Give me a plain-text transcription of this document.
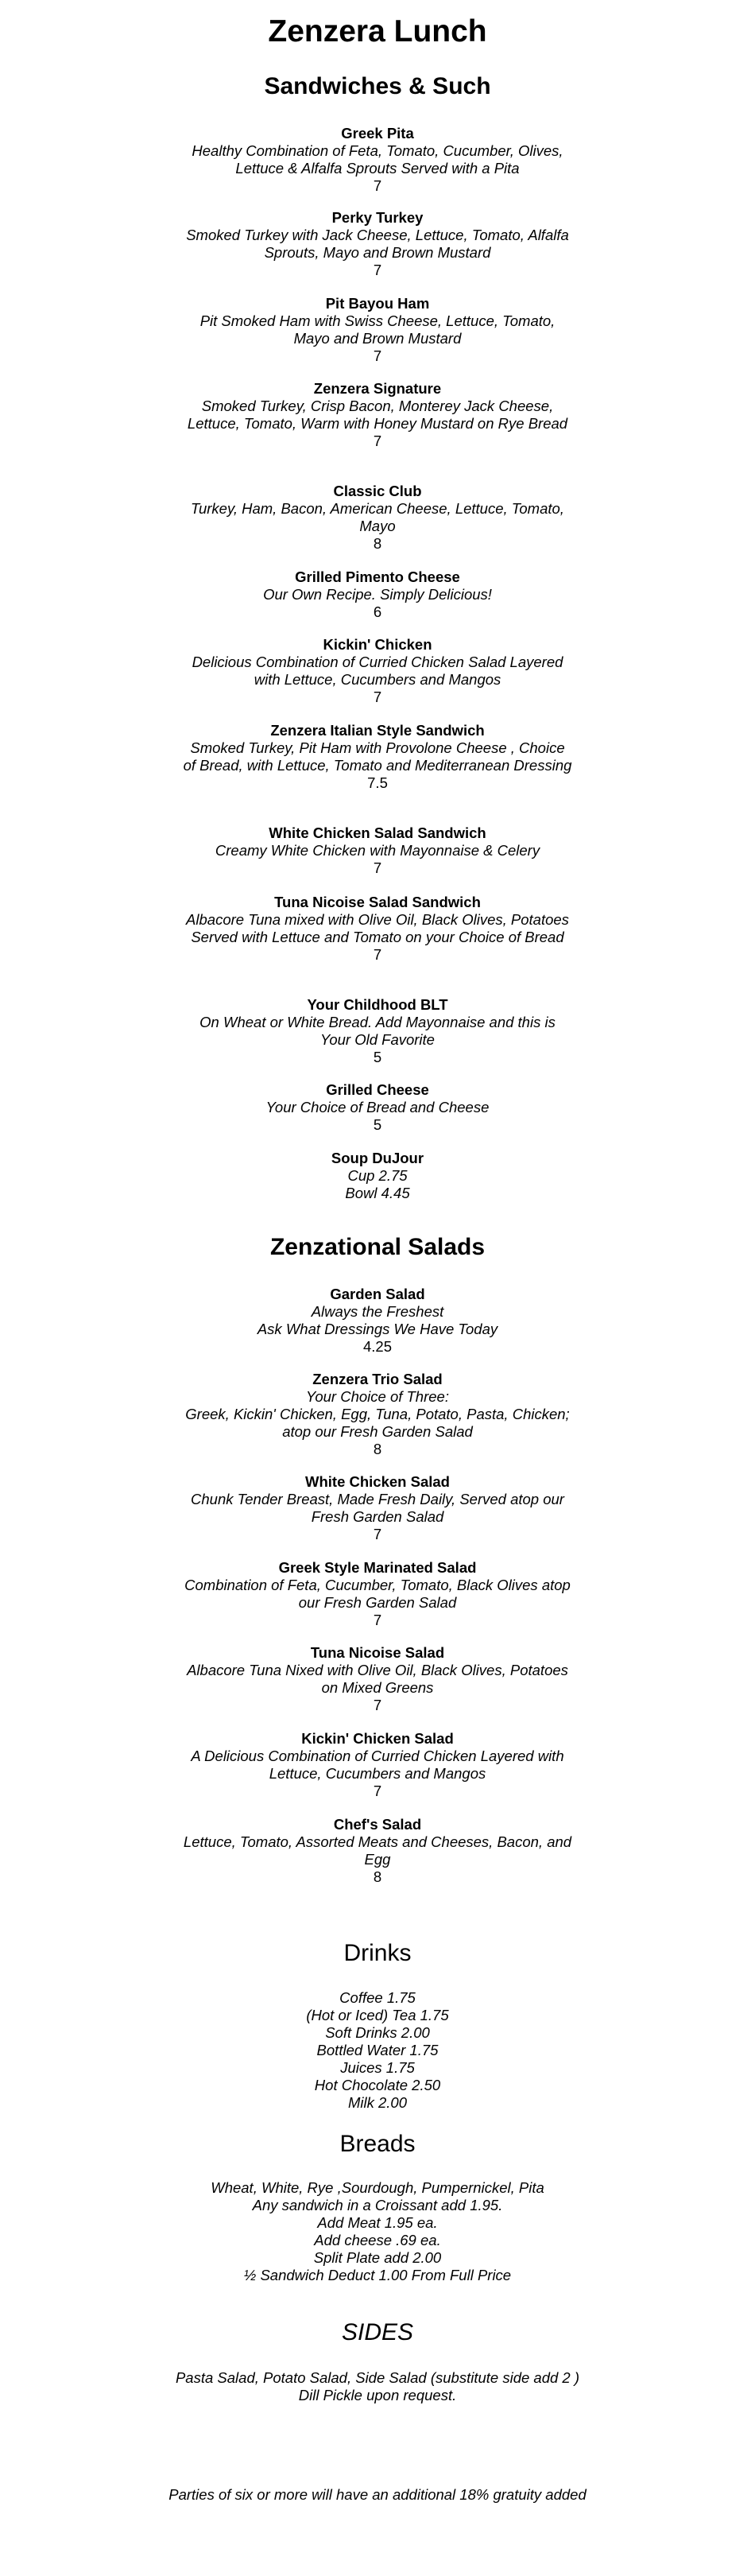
Zenzera Lunch
Sandwiches & Such
Greek Pita
Healthy Combination of Feta, Tomato, Cucumber, Olives, Lettuce & Alfalfa Sprouts Served with a Pita
7
Perky Turkey
Smoked Turkey with Jack Cheese, Lettuce, Tomato, Alfalfa Sprouts, Mayo and Brown Mustard
7
Pit Bayou Ham
Pit Smoked Ham with Swiss Cheese, Lettuce, Tomato, Mayo and Brown Mustard
7
Zenzera Signature
Smoked Turkey, Crisp Bacon, Monterey Jack Cheese, Lettuce, Tomato, Warm with Honey Mustard on Rye Bread
7
Classic Club
Turkey, Ham, Bacon, American Cheese, Lettuce, Tomato, Mayo
8
Grilled Pimento Cheese
Our Own Recipe. Simply Delicious!
6
Kickin' Chicken
Delicious Combination of Curried Chicken Salad Layered with Lettuce, Cucumbers and Mangos
7
Zenzera Italian Style Sandwich
Smoked Turkey, Pit Ham with Provolone Cheese , Choice of Bread, with Lettuce, Tomato and Mediterranean Dressing
7.5
White Chicken Salad Sandwich
Creamy White Chicken with Mayonnaise & Celery
7
Tuna Nicoise Salad Sandwich
Albacore Tuna mixed with Olive Oil, Black Olives, Potatoes Served with Lettuce and Tomato on your Choice of Bread
7
Your Childhood BLT
On Wheat or White Bread. Add Mayonnaise and this is Your Old Favorite
5
Grilled Cheese
Your Choice of Bread and Cheese
5
Soup DuJour
Cup 2.75
Bowl 4.45
Zenzational Salads
Garden Salad
Always the Freshest
Ask What Dressings We Have Today
4.25
Zenzera Trio Salad
Your Choice of Three:
Greek, Kickin' Chicken, Egg, Tuna, Potato, Pasta, Chicken; atop our Fresh Garden Salad
8
White Chicken Salad
Chunk Tender Breast, Made Fresh Daily, Served atop our Fresh Garden Salad
7
Greek Style Marinated Salad
Combination of Feta, Cucumber, Tomato, Black Olives atop our Fresh Garden Salad
7
Tuna Nicoise Salad
Albacore Tuna Nixed with Olive Oil, Black Olives, Potatoes on Mixed Greens
7
Kickin' Chicken Salad
A Delicious Combination of Curried Chicken Layered with Lettuce, Cucumbers and Mangos
7
Chef's Salad
Lettuce, Tomato, Assorted Meats and Cheeses, Bacon, and Egg
8
Drinks
Coffee 1.75
(Hot or Iced) Tea 1.75
Soft Drinks 2.00
Bottled Water 1.75
Juices 1.75
Hot Chocolate 2.50
Milk 2.00
Breads
Wheat, White, Rye ,Sourdough, Pumpernickel, Pita
Any sandwich in a Croissant add 1.95.
Add Meat 1.95 ea.
Add cheese .69 ea.
Split Plate add 2.00
½ Sandwich Deduct 1.00 From Full Price
SIDES
Pasta Salad, Potato Salad, Side Salad (substitute side add 2 )
Dill Pickle upon request.
Parties of six or more will have an additional 18% gratuity added
